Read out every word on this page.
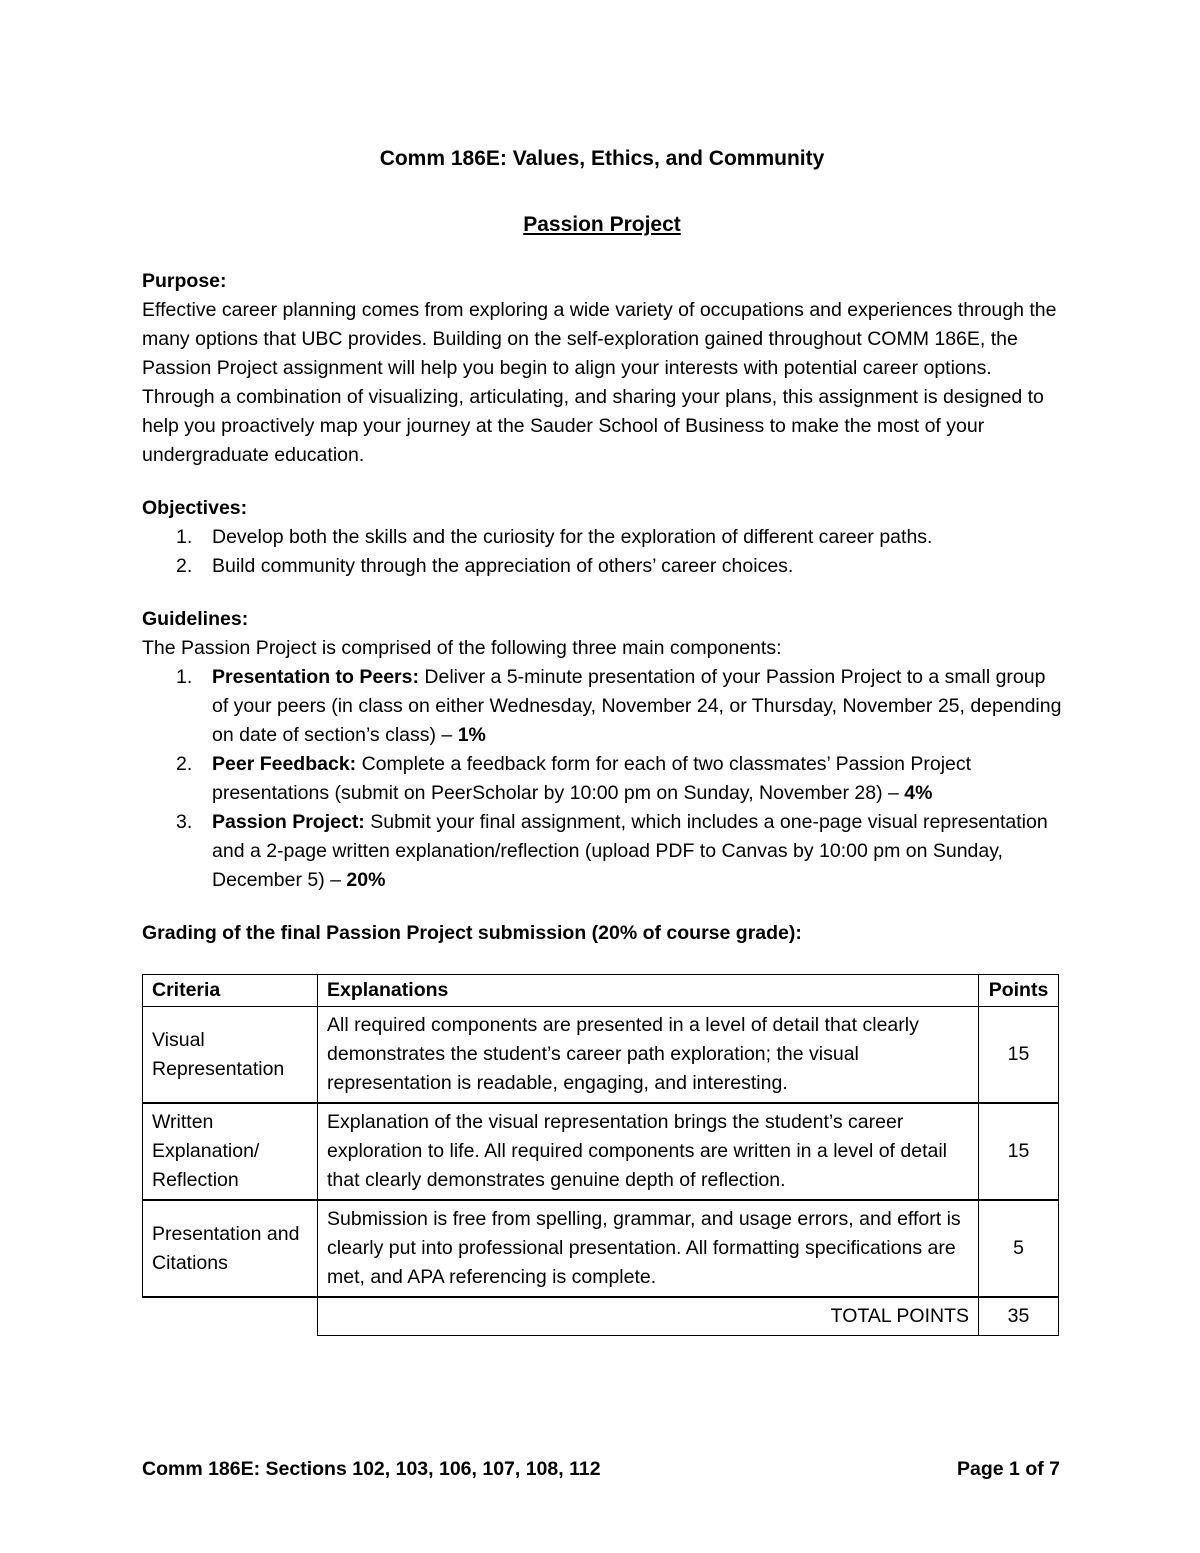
Comm 186E: Values, Ethics, and Community
Passion Project

Purpose:

Effective career planning comes from exploring a wide variety of occupations and experiences through the many options that UBC provides. Building on the self-exploration gained throughout COMM 186E, the Passion Project assignment will help you begin to align your interests with potential career options. Through a combination of visualizing, articulating, and sharing your plans, this assignment is designed to help you proactively map your journey at the Sauder School of Business to make the most of your undergraduate education.

Objectives:

1. Develop both the skills and the curiosity for the exploration of different career paths.
2. Build community through the appreciation of others’ career choices.

Guidelines:

The Passion Project is comprised of the following three main components:

1. Presentation to Peers: Deliver a 5-minute presentation of your Passion Project to a small group of your peers (in class on either Wednesday, November 24, or Thursday, November 25, depending on date of section’s class) – 1%
2. Peer Feedback: Complete a feedback form for each of two classmates’ Passion Project presentations (submit on PeerScholar by 10:00 pm on Sunday, November 28) – 4%
3. Passion Project: Submit your final assignment, which includes a one-page visual representation and a 2-page written explanation/reflection (upload PDF to Canvas by 10:00 pm on Sunday, December 5) – 20%

Grading of the final Passion Project submission (20% of course grade):

Criteria	Explanations	Points
Visual Representation	All required components are presented in a level of detail that clearly demonstrates the student’s career path exploration; the visual representation is readable, engaging, and interesting.	15
Written Explanation/ Reflection	Explanation of the visual representation brings the student’s career exploration to life. All required components are written in a level of detail that clearly demonstrates genuine depth of reflection.	15
Presentation and Citations	Submission is free from spelling, grammar, and usage errors, and effort is clearly put into professional presentation. All formatting specifications are met, and APA referencing is complete.	5
	TOTAL POINTS	35
Comm 186E: Sections 102, 103, 106, 107, 108, 112	Page 1 of 7
